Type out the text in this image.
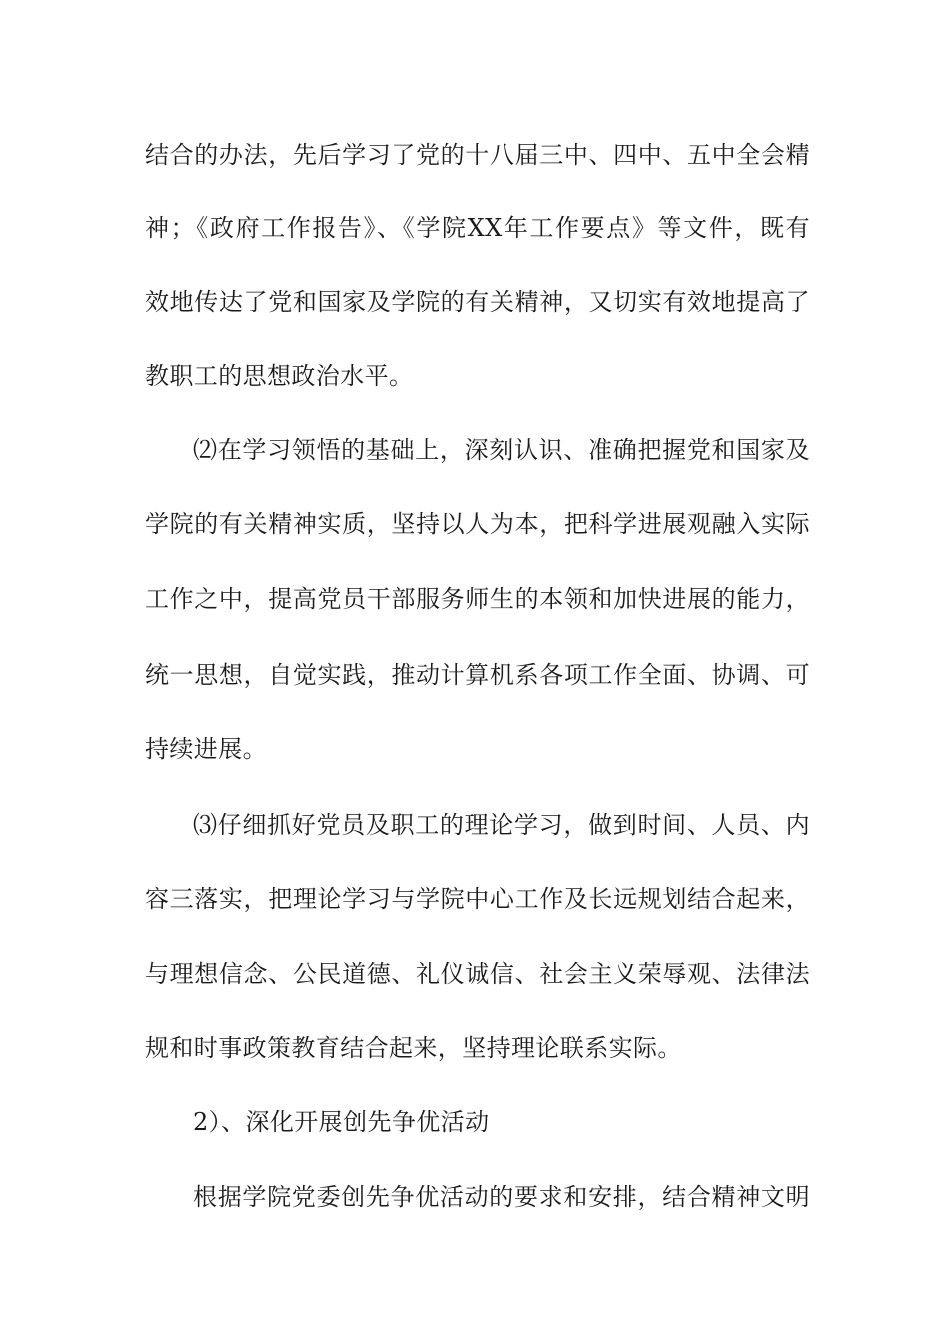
结合的办法，先后学习了党的十八届三中、四中、五中全会精

神；《政府工作报告》、《学院XX年工作要点》等文件，既有

效地传达了党和国家及学院的有关精神，又切实有效地提高了

教职工的思想政治水平。

⑵在学习领悟的基础上，深刻认识、准确把握党和国家及

学院的有关精神实质，坚持以人为本，把科学进展观融入实际

工作之中，提高党员干部服务师生的本领和加快进展的能力，

统一思想，自觉实践，推动计算机系各项工作全面、协调、可

持续进展。

⑶仔细抓好党员及职工的理论学习，做到时间、人员、内

容三落实，把理论学习与学院中心工作及长远规划结合起来，

与理想信念、公民道德、礼仪诚信、社会主义荣辱观、法律法

规和时事政策教育结合起来，坚持理论联系实际。

2）、深化开展创先争优活动

根据学院党委创先争优活动的要求和安排，结合精神文明
